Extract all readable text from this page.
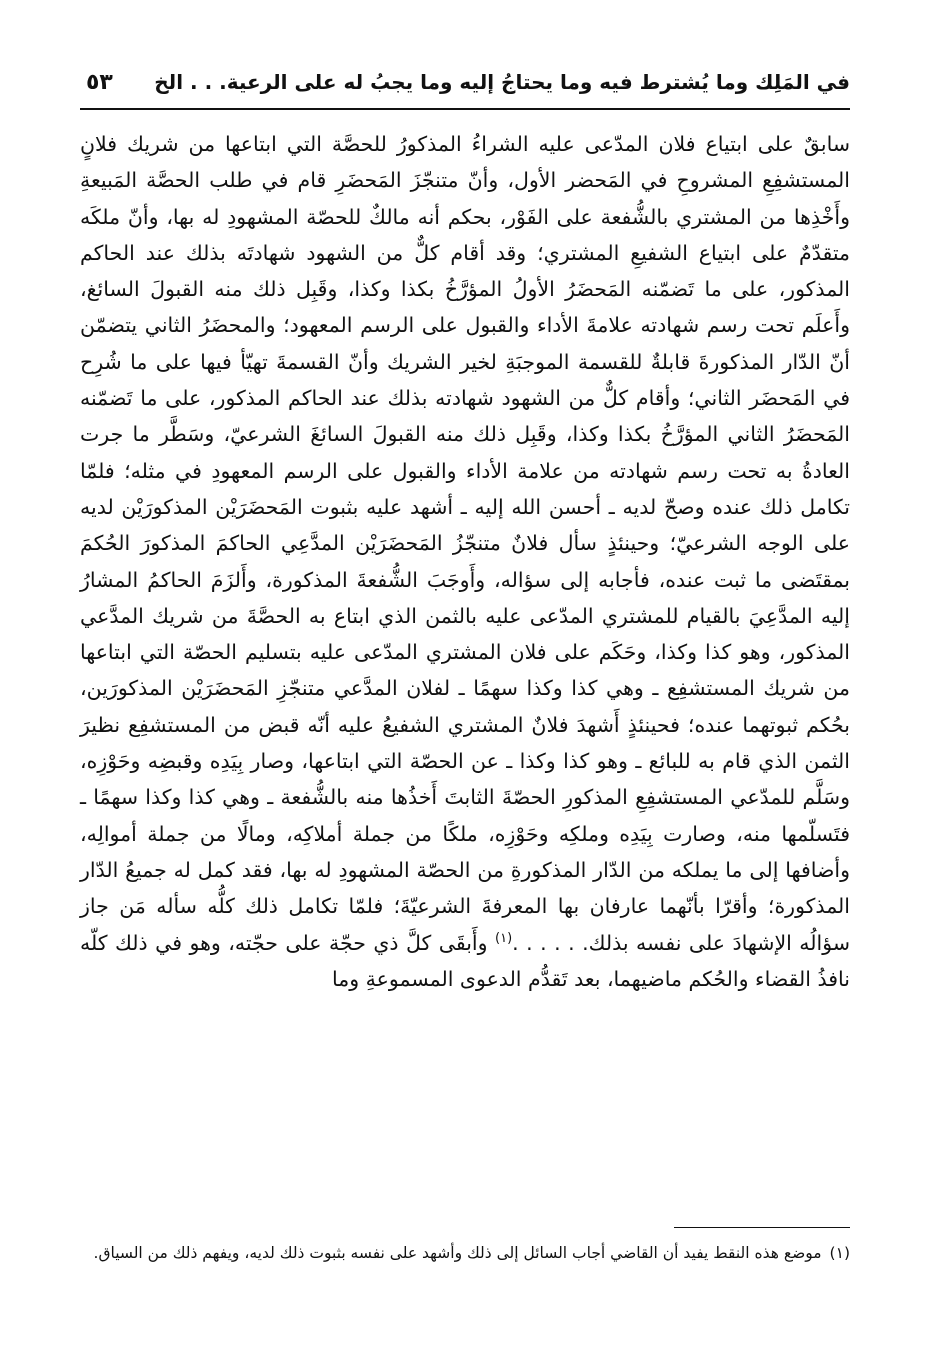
في المَلِك وما يُشترط فيه وما يحتاجُ إليه وما يجبُ له على الرعية. . . الخ
٥٣
سابقٌ على ابتياع فلان المدّعى عليه الشراءُ المذكورُ للحصَّة التي ابتاعها من شريك فلانٍ المستشفِعِ المشروحِ في المَحضر الأول، وأنّ متنجّزَ المَحضَرِ قام في طلب الحصَّة المَبيعةِ وأَخْذِها من المشتري بالشُّفعة على الفَوْر، بحكم أنه مالكٌ للحصّة المشهودِ له بها، وأنّ ملكَه متقدّمٌ على ابتياع الشفيعِ المشتري؛ وقد أقام كلٌّ من الشهود شهادتَه بذلك عند الحاكم المذكور، على ما تَضمّنه المَحضَرُ الأولُ المؤرَّخُ بكذا وكذا، وقَبِل ذلك منه القبولَ السائغ، وأَعلَم تحت رسم شهادته علامةَ الأداء والقبول على الرسم المعهود؛ والمحضَرُ الثاني يتضمّن أنّ الدّار المذكورةَ قابلةٌ للقسمة الموجبَةِ لخير الشريك وأنّ القسمةَ تهيّأ فيها على ما شُرِح في المَحضَر الثاني؛ وأقام كلٌّ من الشهود شهادته بذلك عند الحاكم المذكور، على ما تَضمّنه المَحضَرُ الثاني المؤرَّخُ بكذا وكذا، وقَبِل ذلك منه القبولَ السائغَ الشرعيّ، وسَطَّر ما جرت العادةُ به تحت رسم شهادته من علامة الأداء والقبول على الرسم المعهودِ في مثله؛ فلمّا تكامل ذلك عنده وصحّ لديه ـ أحسن الله إليه ـ أشهد عليه بثبوت المَحضَرَيْن المذكورَيْن لديه على الوجه الشرعيّ؛ وحينئذٍ سأل فلانٌ متنجّزُ المَحضَرَيْن المدَّعِي الحاكمَ المذكورَ الحُكمَ بمقتَضى ما ثبت عنده، فأجابه إلى سؤاله، وأَوجَبَ الشُّفعةَ المذكورة، وأَلزَمَ الحاكمُ المشارُ إليه المدَّعِيَ بالقيام للمشتري المدّعى عليه بالثمن الذي ابتاع به الحصَّةَ من شريك المدَّعي المذكور، وهو كذا وكذا، وحَكَم على فلان المشتري المدّعى عليه بتسليم الحصّة التي ابتاعها من شريك المستشفِع ـ وهي كذا وكذا سهمًا ـ لفلان المدَّعي متنجّزِ المَحضَرَيْن المذكورَين، بحُكم ثبوتهما عنده؛ فحينئذٍ أَشهدَ فلانٌ المشتري الشفيعُ عليه أنّه قبض من المستشفِع نظيرَ الثمن الذي قام به للبائع ـ وهو كذا وكذا ـ عن الحصّة التي ابتاعها، وصار بِيَدِه وقبضِه وحَوْزِه، وسَلَّم للمدّعي المستشفِعِ المذكورِ الحصّةَ الثابتَ أَخذُها منه بالشُّفعة ـ وهي كذا وكذا سهمًا ـ فتَسلّمها منه، وصارت بِيَدِه وملكِه وحَوْزِه، ملكًا من جملة أملاكِه، ومالًا من جملة أموالِه، وأضافها إلى ما يملكه من الدّار المذكورةِ من الحصّة المشهودِ له بها، فقد كمل له جميعُ الدّار المذكورة؛ وأقرّا بأنّهما عارفان بها المعرفةَ الشرعيّةَ؛ فلمّا تكامل ذلك كلُّه سأله مَن جاز سؤالُه الإشهادَ على نفسه بذلك. . . . . .$^{(١)}$ وأَبقَى كلَّ ذي حجّة على حجّته، وهو في ذلك كلّه نافذُ القضاء والحُكم ماضيهما، بعد تَقدُّم الدعوى المسموعةِ وما
(١)موضع هذه النقط يفيد أن القاضي أجاب السائل إلى ذلك وأشهد على نفسه بثبوت ذلك لديه، ويفهم ذلك من السياق.
